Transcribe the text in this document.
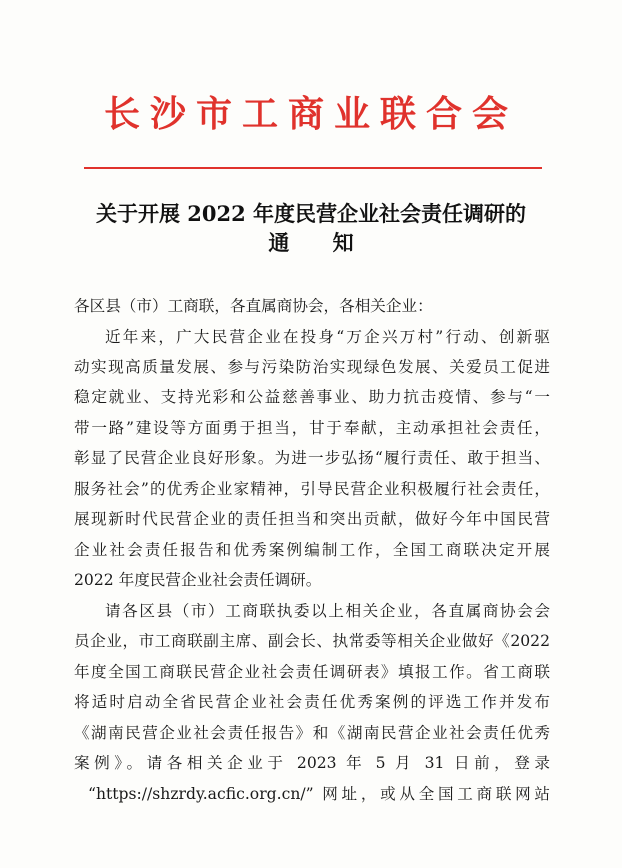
长沙市工商业联合会
关于开展 2022 年度民营企业社会责任调研的
通 知
各区县（市）工商联，各直属商协会，各相关企业：
近年来，广大民营企业在投身“万企兴万村”行动、创新驱
动实现高质量发展、参与污染防治实现绿色发展、关爱员工促进
稳定就业、支持光彩和公益慈善事业、助力抗击疫情、参与“一
带一路”建设等方面勇于担当，甘于奉献，主动承担社会责任，
彰显了民营企业良好形象。为进一步弘扬“履行责任、敢于担当、
服务社会”的优秀企业家精神，引导民营企业积极履行社会责任，
展现新时代民营企业的责任担当和突出贡献，做好今年中国民营
企业社会责任报告和优秀案例编制工作，全国工商联决定开展
2022 年度民营企业社会责任调研。
请各区县（市）工商联执委以上相关企业，各直属商协会会
员企业，市工商联副主席、副会长、执常委等相关企业做好《2022
年度全国工商联民营企业社会责任调研表》填报工作。省工商联
将适时启动全省民营企业社会责任优秀案例的评选工作并发布
《湖南民营企业社会责任报告》和《湖南民营企业社会责任优秀
案例》。请各相关企业于 2023 年 5 月 31 日前，登录
“https://shzrdy.acfic.org.cn/” 网址，或从全国工商联网站
